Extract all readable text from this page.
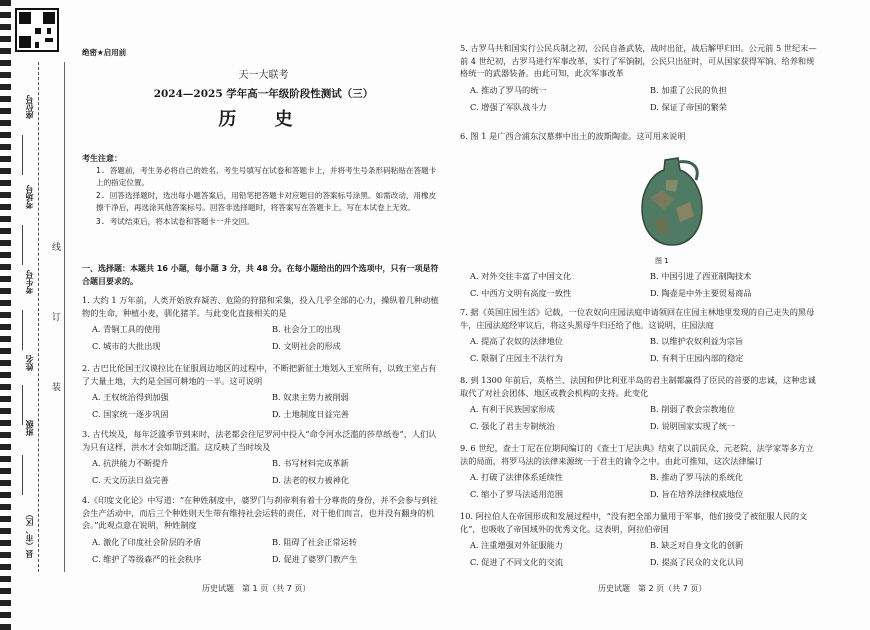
座位号
考场号
考生号
姓名
班级
县（市、区）
线
订
装
绝密★启用前
天一大联考
2024—2025 学年高一年级阶段性测试（三）
历 史
考生注意：

1. 答题前，考生务必将自己的姓名、考生号填写在试卷和答题卡上，并将考生号条形码粘贴在答题卡上的指定位置。

2. 回答选择题时，选出每小题答案后，用铅笔把答题卡对应题目的答案标号涂黑。如需改动，用橡皮擦干净后，再选涂其他答案标号。回答非选择题时，将答案写在答题卡上。写在本试卷上无效。

3. 考试结束后，将本试卷和答题卡一并交回。

一、选择题：本题共 16 小题，每小题 3 分，共 48 分。在每小题给出的四个选项中，只有一项是符合题目要求的。
1. 大约 1 万年前，人类开始放弃凝苦、危险的狩猎和采集，投入几乎全部的心力，操纵着几种动植物的生命，种植小麦，驯化猪羊。与此变化直接相关的是
A. 青铜工具的使用	B. 社会分工的出现
C. 城市的大批出现	D. 文明社会的形成
2. 古巴比伦国王汉谟拉比在征服周边地区的过程中，不断把新征土地划入王室所有，以致王室占有了大量土地，大约是全国可耕地的一半。这可说明
A. 王权统治得到加强	B. 奴隶主势力被削弱
C. 国家统一逐步巩固	D. 土地制度日益完善
3. 古代埃及，每年泛滥季节到来时，法老都会往尼罗河中投入“命令河水泛滥的莎草纸卷”，人们认为只有这样，洪水才会如期泛滥。这反映了当时埃及
A. 抗洪能力不断提升	B. 书写材料完成革新
C. 天文历法日益完善	D. 法老的权力被神化
4.《印度文化论》中写道：“在种姓制度中，婆罗门与刹帝利有着十分尊贵的身份，并不会参与到社会生产活动中，而后三个种姓则天生带有维持社会运转的责任，对于他们而言，也并没有翻身的机会。”此观点意在说明，种姓制度
A. 激化了印度社会阶层的矛盾	B. 阻碍了社会正常运转
C. 维护了等级森严的社会秩序	D. 促进了婆罗门教产生
历史试题　第 1 页（共 7 页）
5. 古罗马共和国实行公民兵制之初，公民自备武装，战时出征，战后解甲归田。公元前 5 世纪末—前 4 世纪初，古罗马进行军事改革，实行了军饷制，公民只出征时，可从国家获得军饷、给养和规格统一的武器装备。由此可知，此次军事改革
A. 推动了罗马的统一	B. 加重了公民的负担
C. 增强了军队战斗力	D. 保证了帝国的繁荣
6. 图 1 是广西合浦东汉墓葬中出土的波斯陶壶。这可用来说明
图 1
A. 对外交往丰富了中国文化	B. 中国引进了西亚制陶技术
C. 中西方文明有高度一致性	D. 陶壶是中外主要贸易商品
7. 据《英国庄园生活》记载，一位农奴向庄园法庭申请领回在庄园主林地里发现的自己走失的黑母牛，庄园法庭经审议后，将这头黑母牛归还给了他。这说明，庄园法庭
A. 提高了农奴的法律地位	B. 以维护农奴利益为宗旨
C. 限制了庄园主不法行为	D. 有利于庄园内部的稳定
8. 到 1300 年前后，英格兰、法国和伊比利亚半岛的君主制都赢得了臣民的首要的忠诚，这种忠诚取代了对社会团体、地区或教会机构的支持。此变化
A. 有利于民族国家形成	B. 削弱了教会宗教地位
C. 强化了君主专制统治	D. 说明国家实现了统一
9. 6 世纪，查士丁尼在位期间编订的《查士丁尼法典》结束了以前民众、元老院、法学家等多方立法的局面，将罗马法的法律来源统一于君主的谕令之中。由此可推知，这次法律编订
A. 打破了法律体系延续性	B. 推动了罗马法的系统化
C. 缩小了罗马法适用范围	D. 旨在培养法律权威地位
10. 阿拉伯人在帝国形成和发展过程中，“没有把全部力量用于军事，他们接受了被征服人民的文化”，也吸收了帝国域外的优秀文化。这表明，阿拉伯帝国
A. 注重增强对外征服能力	B. 缺乏对自身文化的创新
C. 促进了不同文化的交流	D. 提高了民众的文化认同
历史试题　第 2 页（共 7 页）
